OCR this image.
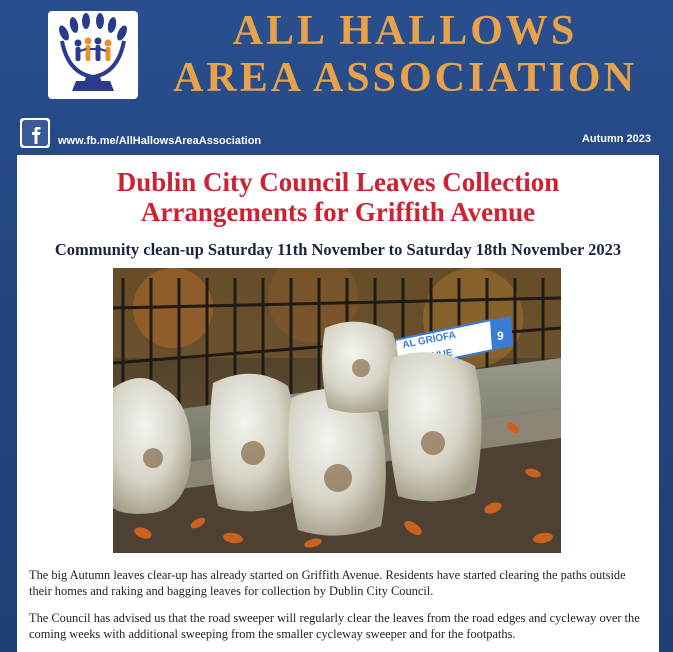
ALL HALLOWS
AREA ASSOCIATION
www.fb.me/AllHallowsAreaAssociation	Autumn 2023
Dublin City Council Leaves Collection
Arrangements for Griffith Avenue
Community clean-up Saturday 11th November to Saturday 18th November 2023
AL GRÍOFA	9

The big Autumn leaves clear-up has already started on Griffith Avenue. Residents have started clearing the paths outside their homes and raking and bagging leaves for collection by Dublin City Council.

The Council has advised us that the road sweeper will regularly clear the leaves from the road edges and cycleway over the coming weeks with additional sweeping from the smaller cycleway sweeper and for the footpaths.
